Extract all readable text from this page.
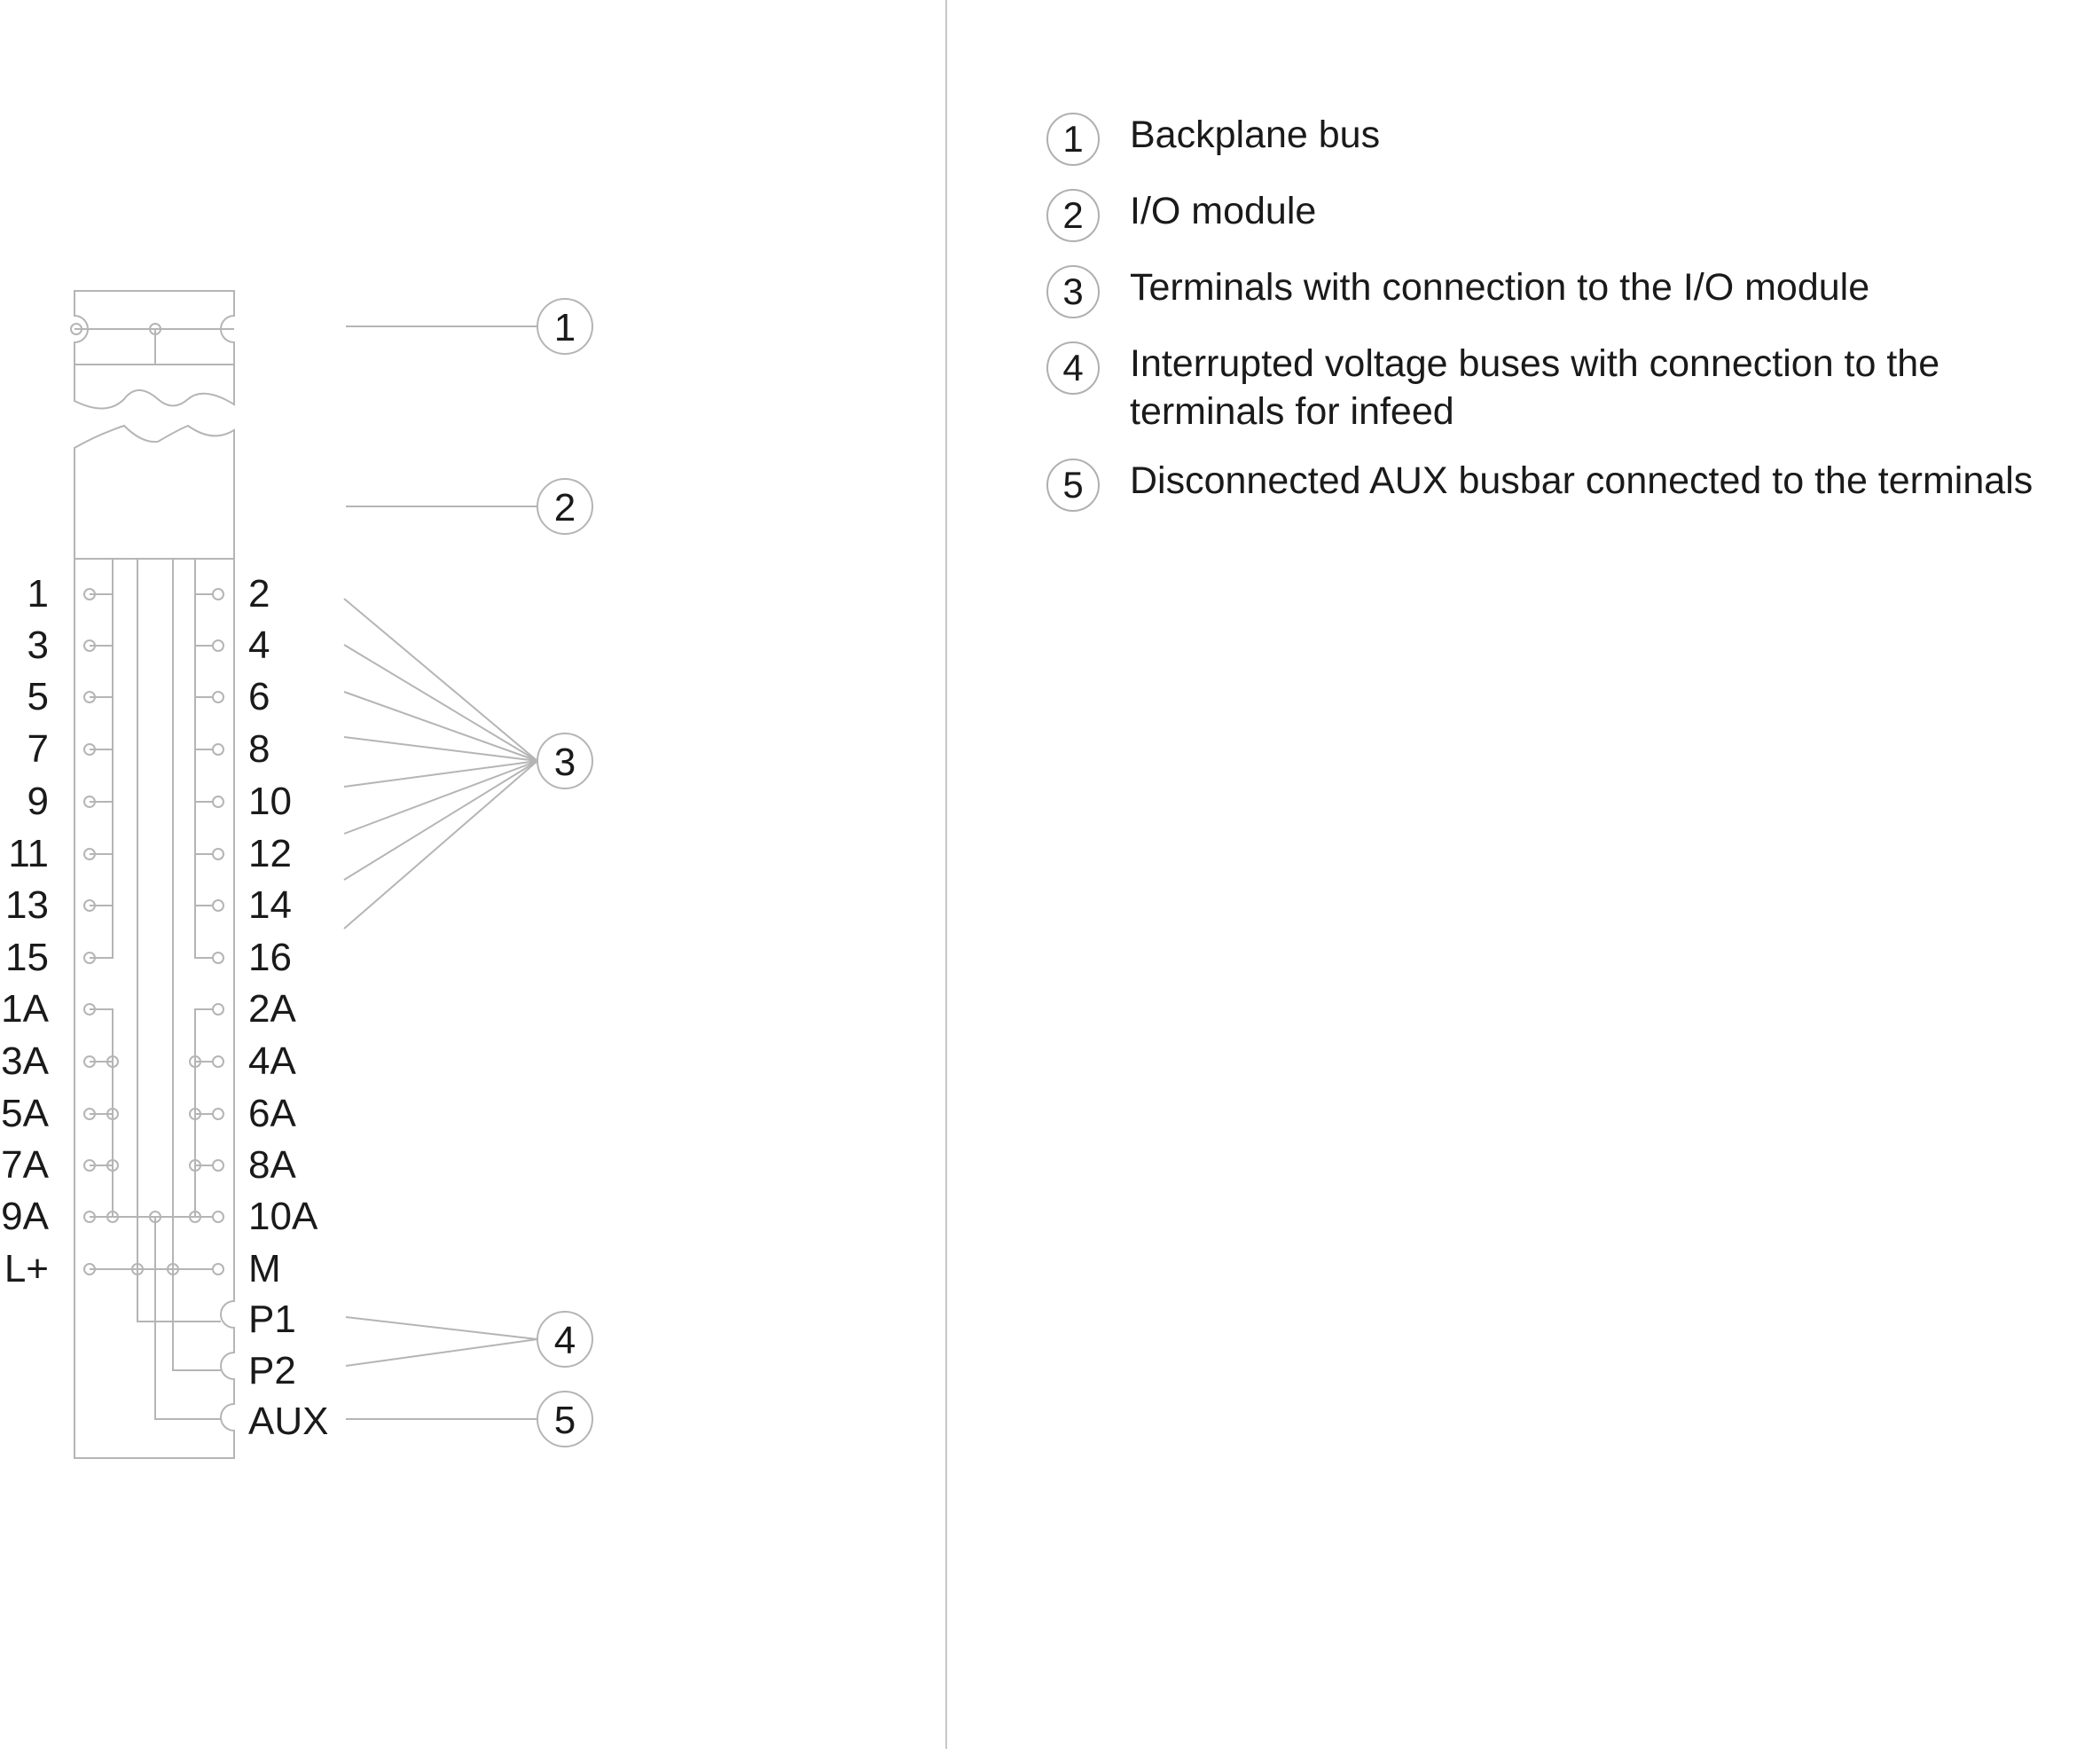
1
2
3
4
5
1
3
5
7
9
11
13
15
1A
3A
5A
7A
9A
L+
2
4
6
8
10
12
14
16
2A
4A
6A
8A
10A
M
P1
P2
AUX
1	Backplane bus
2	I/O module
3	Terminals with connection to the I/O module
4	Interrupted voltage buses with connection to the
terminals for infeed
5	Disconnected AUX busbar connected to the terminals
